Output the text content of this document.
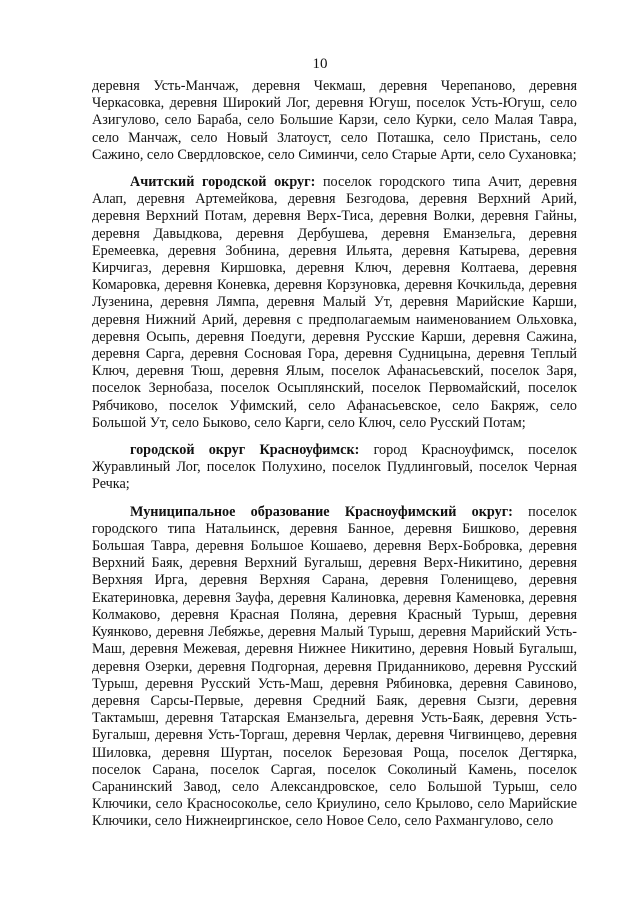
10

деревня Усть-Манчаж, деревня Чекмаш, деревня Черепаново, деревня Черкасовка, деревня Широкий Лог, деревня Югуш, поселок Усть-Югуш, село Азигулово, село Бараба, село Большие Карзи, село Курки, село Малая Тавра, село Манчаж, село Новый Златоуст, село Поташка, село Пристань, село Сажино, село Свердловское, село Симинчи, село Старые Арти, село Сухановка;

Ачитский городской округ: поселок городского типа Ачит, деревня Алап, деревня Артемейкова, деревня Безгодова, деревня Верхний Арий, деревня Верхний Потам, деревня Верх-Тиса, деревня Волки, деревня Гайны, деревня Давыдкова, деревня Дербушева, деревня Еманзельга, деревня Еремеевка, деревня Зобнина, деревня Ильята, деревня Катырева, деревня Кирчигаз, деревня Киршовка, деревня Ключ, деревня Колтаева, деревня Комаровка, деревня Коневка, деревня Корзуновка, деревня Кочкильда, деревня Лузенина, деревня Лямпа, деревня Малый Ут, деревня Марийские Карши, деревня Нижний Арий, деревня с предполагаемым наименованием Ольховка, деревня Осыпь, деревня Поедуги, деревня Русские Карши, деревня Сажина, деревня Сарга, деревня Сосновая Гора, деревня Судницына, деревня Теплый Ключ, деревня Тюш, деревня Ялым, поселок Афанасьевский, поселок Заря, поселок Зернобаза, поселок Осыплянский, поселок Первомайский, поселок Рябчиково, поселок Уфимский, село Афанасьевское, село Бакряж, село Большой Ут, село Быково, село Карги, село Ключ, село Русский Потам;

городской округ Красноуфимск: город Красноуфимск, поселок Журавлиный Лог, поселок Полухино, поселок Пудлинговый, поселок Черная Речка;

Муниципальное образование Красноуфимский округ: поселок городского типа Натальинск, деревня Банное, деревня Бишково, деревня Большая Тавра, деревня Большое Кошаево, деревня Верх-Бобровка, деревня Верхний Баяк, деревня Верхний Бугалыш, деревня Верх-Никитино, деревня Верхняя Ирга, деревня Верхняя Сарана, деревня Голенищево, деревня Екатериновка, деревня Зауфа, деревня Калиновка, деревня Каменовка, деревня Колмаково, деревня Красная Поляна, деревня Красный Турыш, деревня Куянково, деревня Лебяжье, деревня Малый Турыш, деревня Марийский Усть-Маш, деревня Межевая, деревня Нижнее Никитино, деревня Новый Бугалыш, деревня Озерки, деревня Подгорная, деревня Приданниково, деревня Русский Турыш, деревня Русский Усть-Маш, деревня Рябиновка, деревня Савиново, деревня Сарсы-Первые, деревня Средний Баяк, деревня Сызги, деревня Тактамыш, деревня Татарская Еманзельга, деревня Усть-Баяк, деревня Усть-Бугалыш, деревня Усть-Торгаш, деревня Черлак, деревня Чигвинцево, деревня Шиловка, деревня Шуртан, поселок Березовая Роща, поселок Дегтярка, поселок Сарана, поселок Саргая, поселок Соколиный Камень, поселок Саранинский Завод, село Александровское, село Большой Турыш, село Ключики, село Красносоколье, село Криулино, село Крылово, село Марийские Ключики, село Нижнеиргинское, село Новое Село, село Рахмангулово, село
